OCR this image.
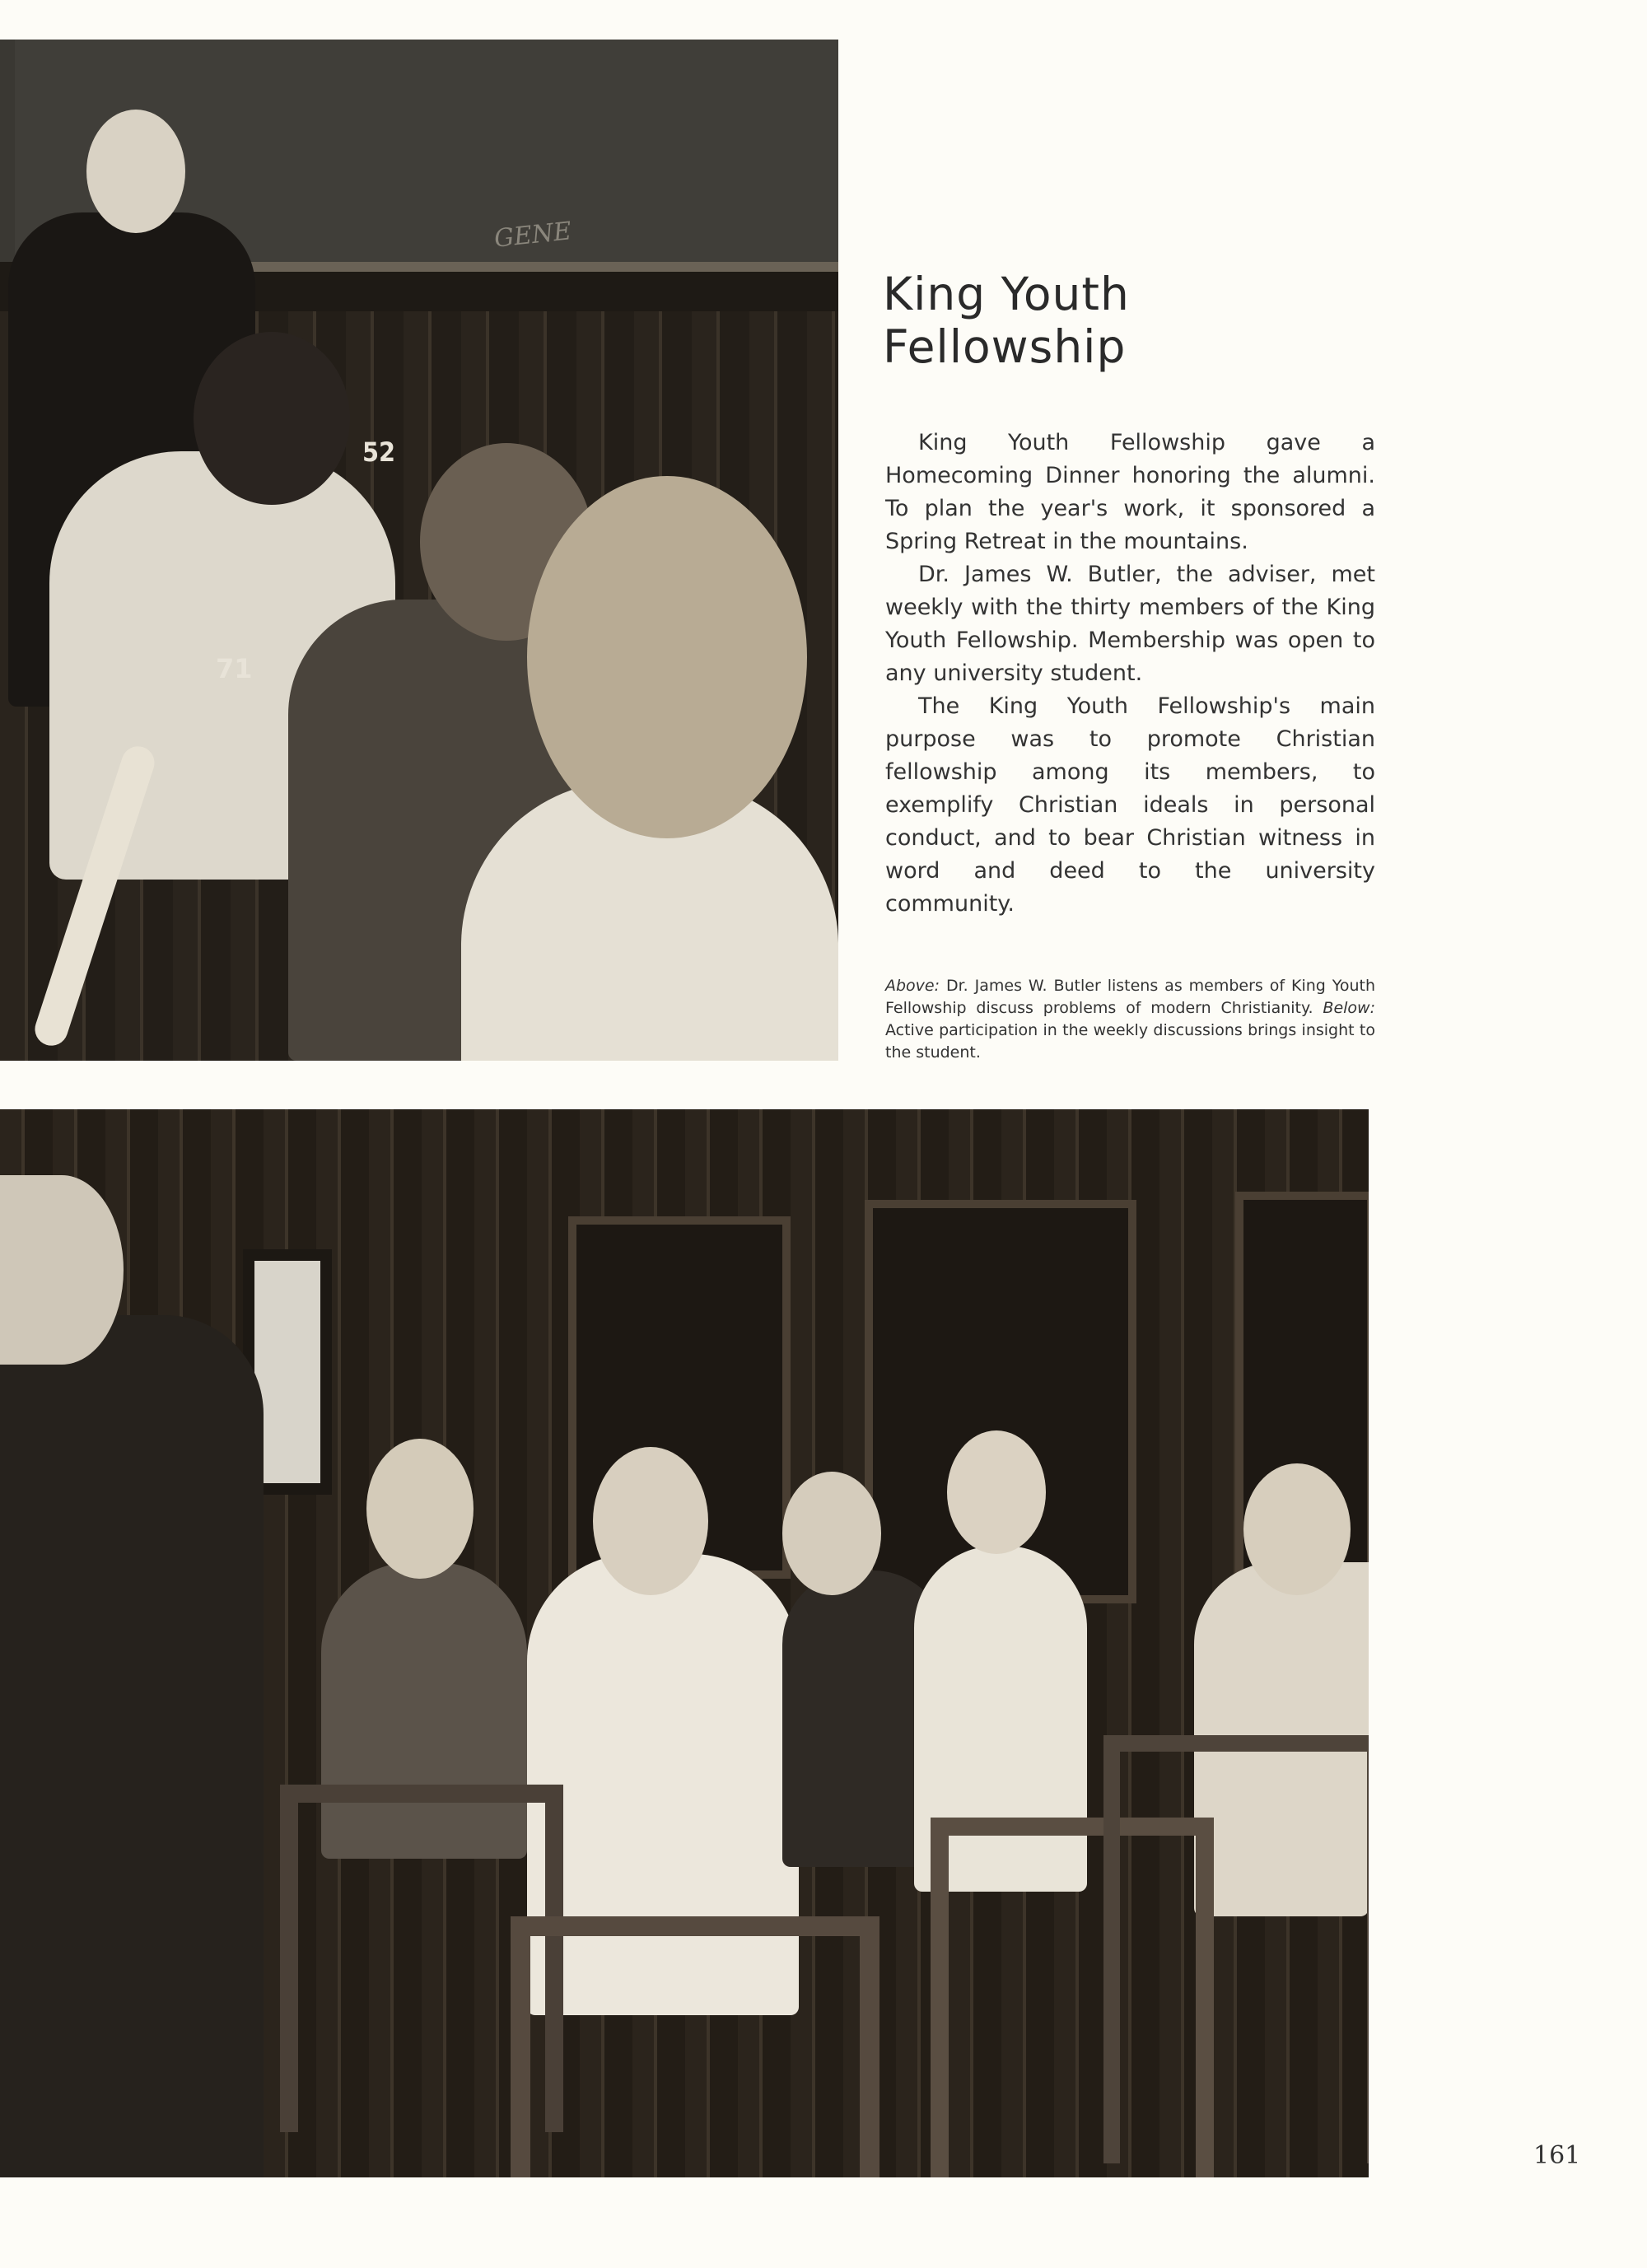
GENE
52
71
King Youth
Fellowship

King Youth Fellowship gave a Homecoming Dinner honoring the alumni. To plan the year's work, it sponsored a Spring Retreat in the mountains.

Dr. James W. Butler, the adviser, met weekly with the thirty members of the King Youth Fellowship. Membership was open to any university student.

The King Youth Fellowship's main purpose was to promote Christian fellowship among its members, to exemplify Christian ideals in personal conduct, and to bear Christian witness in word and deed to the university community.

Above: Dr. James W. Butler listens as members of King Youth Fellowship discuss problems of modern Christianity. Below: Active participation in the weekly discussions brings insight to the student.
161
